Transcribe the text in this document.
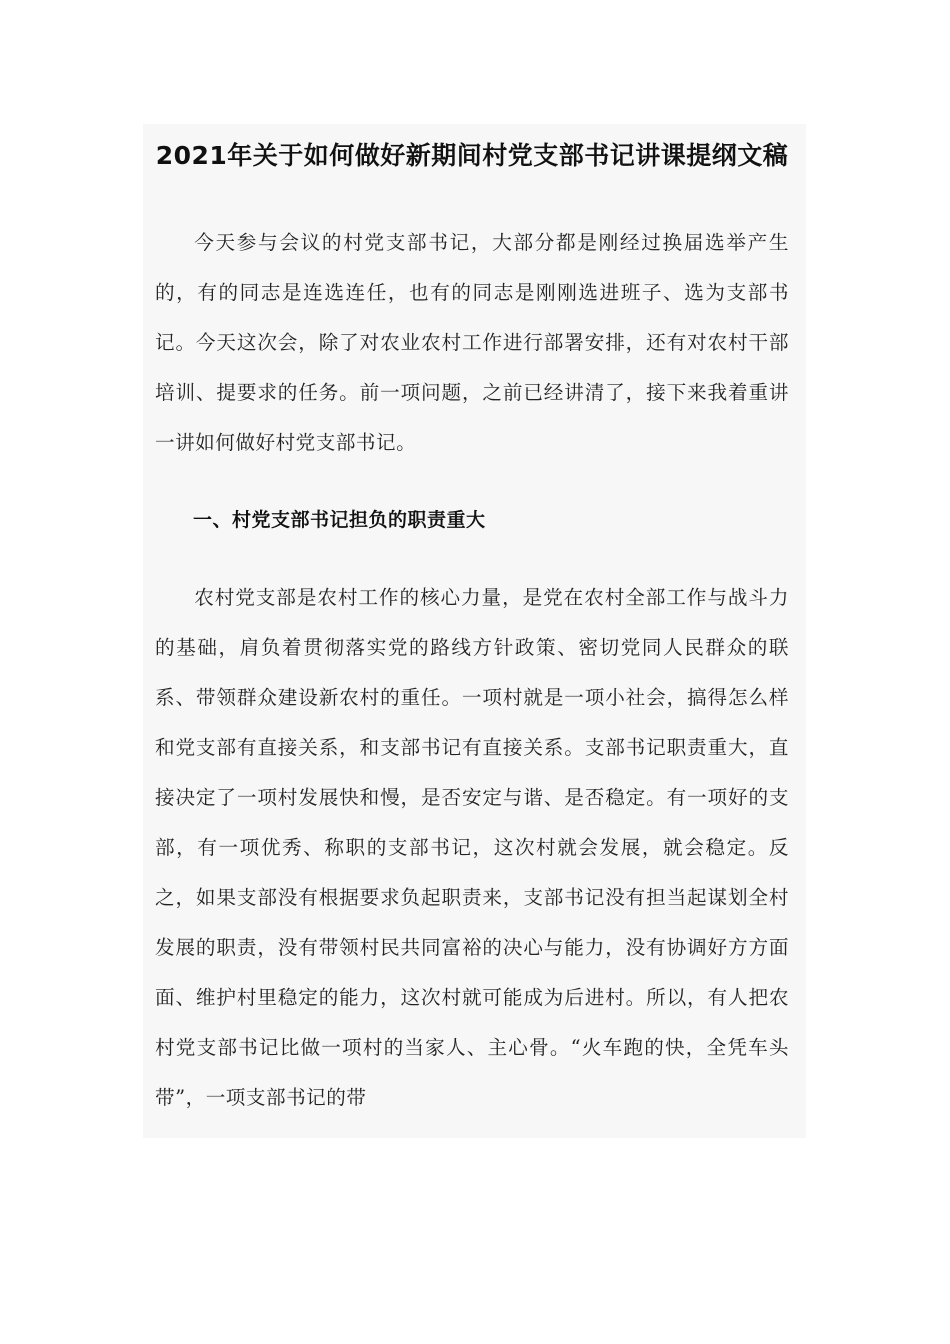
2021年关于如何做好新期间村党支部书记讲课提纲文稿

今天参与会议的村党支部书记，大部分都是刚经过换届选举产生的，有的同志是连选连任，也有的同志是刚刚选进班子、选为支部书记。今天这次会，除了对农业农村工作进行部署安排，还有对农村干部培训、提要求的任务。前一项问题，之前已经讲清了，接下来我着重讲一讲如何做好村党支部书记。

一、村党支部书记担负的职责重大

农村党支部是农村工作的核心力量，是党在农村全部工作与战斗力的基础，肩负着贯彻落实党的路线方针政策、密切党同人民群众的联系、带领群众建设新农村的重任。一项村就是一项小社会，搞得怎么样和党支部有直接关系，和支部书记有直接关系。支部书记职责重大，直接决定了一项村发展快和慢，是否安定与谐、是否稳定。有一项好的支部，有一项优秀、称职的支部书记，这次村就会发展，就会稳定。反之，如果支部没有根据要求负起职责来，支部书记没有担当起谋划全村发展的职责，没有带领村民共同富裕的决心与能力，没有协调好方方面面、维护村里稳定的能力，这次村就可能成为后进村。所以，有人把农村党支部书记比做一项村的当家人、主心骨。“火车跑的快，全凭车头带”，一项支部书记的带
